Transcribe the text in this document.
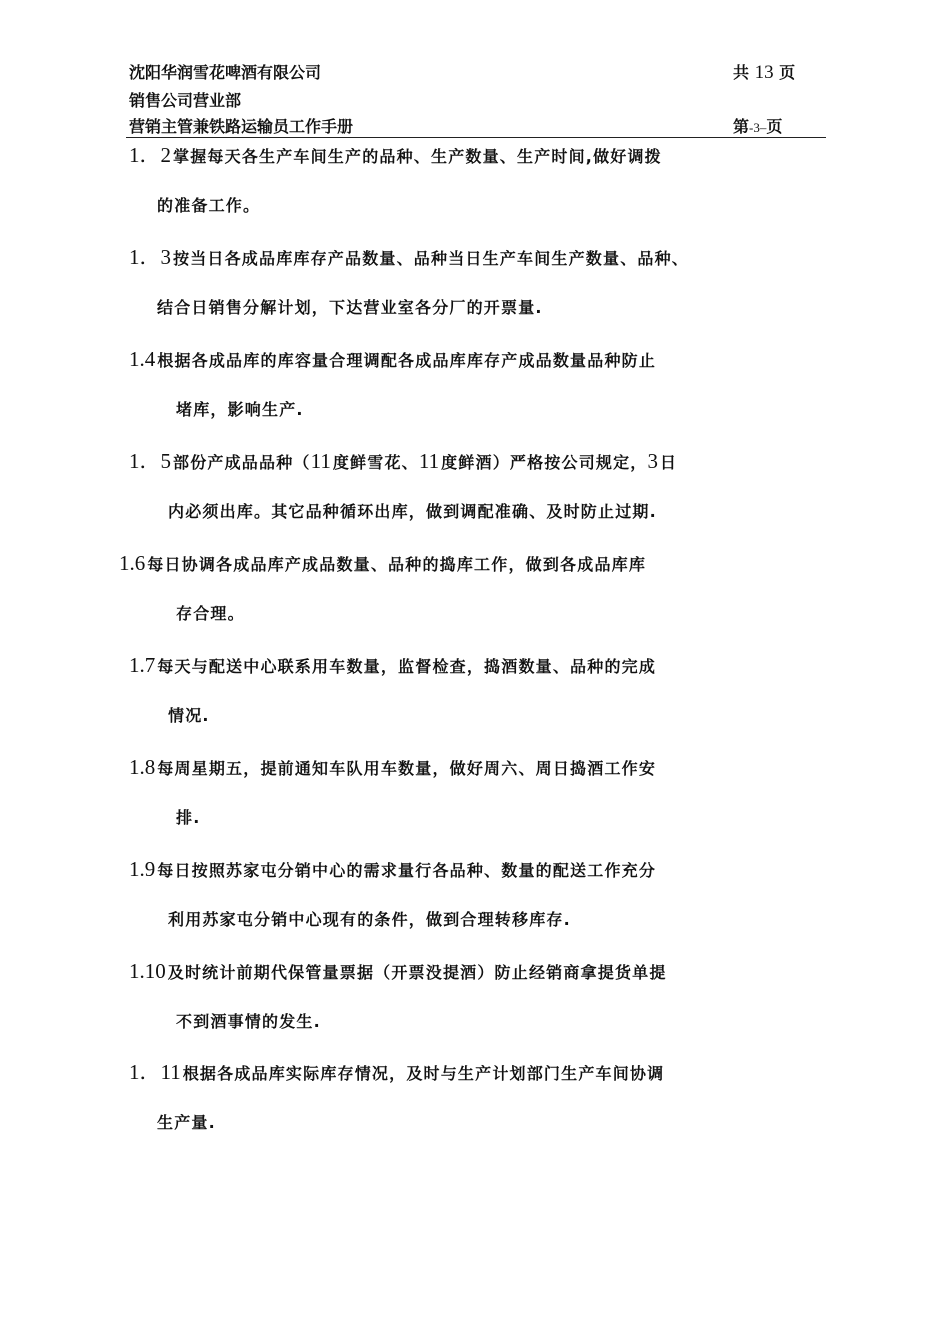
沈阳华润雪花啤酒有限公司
销售公司营业部
营销主管兼铁路运输员工作手册
共 13 页
第-3–页
1．2 掌握每天各生产车间生产的品种、生产数量、生产时间,做好调拨
的准备工作。
1．3 按当日各成品库库存产品数量、品种当日生产车间生产数量、品种、
结合日销售分解计划，下达营业室各分厂的开票量.
1.4 根据各成品库的库容量合理调配各成品库库存产成品数量品种防止
堵库，影响生产.
1．5 部份产成品品种（11 度鲜雪花、11 度鲜酒）严格按公司规定，3 日
内必须出库。其它品种循环出库，做到调配准确、及时防止过期.
1.6 每日协调各成品库产成品数量、品种的捣库工作，做到各成品库库
存合理。
1.7 每天与配送中心联系用车数量，监督检查，捣酒数量、品种的完成
情况.
1.8 每周星期五，提前通知车队用车数量，做好周六、周日捣酒工作安
排.
1.9 每日按照苏家屯分销中心的需求量行各品种、数量的配送工作充分
利用苏家屯分销中心现有的条件，做到合理转移库存.
1.10 及时统计前期代保管量票据（开票没提酒）防止经销商拿提货单提
不到酒事情的发生.
1．11 根据各成品库实际库存情况，及时与生产计划部门生产车间协调
生产量.
